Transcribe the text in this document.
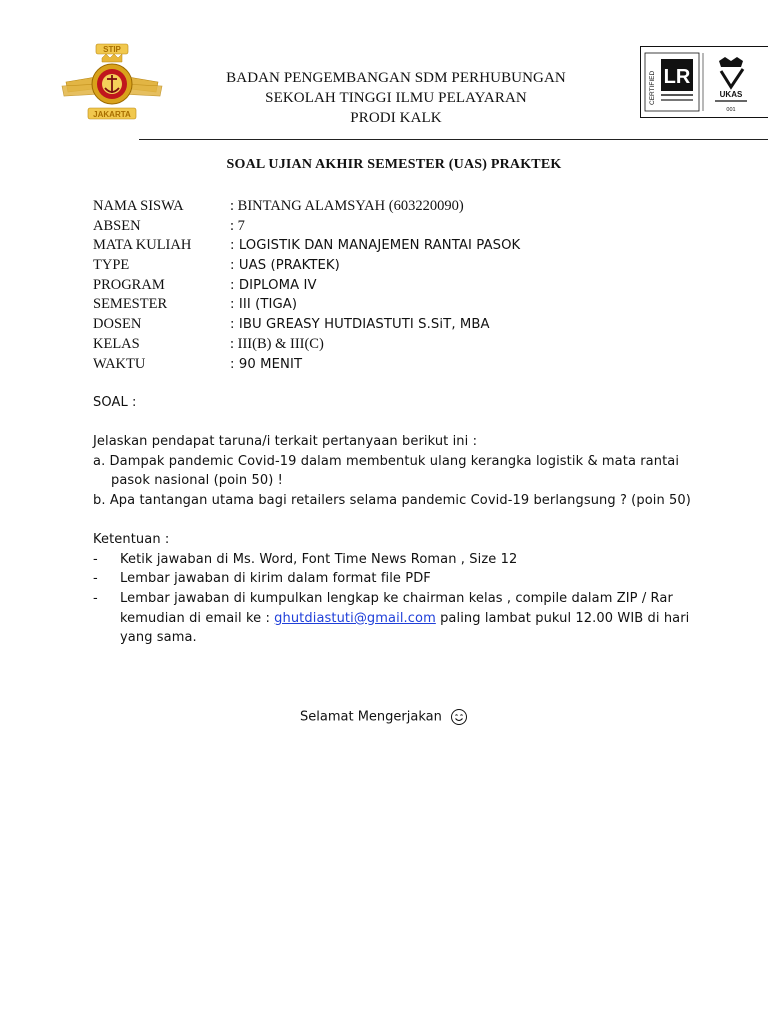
STIP
JAKARTA
BADAN PENGEMBANGAN SDM PERHUBUNGAN
SEKOLAH TINGGI ILMU PELAYARAN
PRODI KALK
CERTIFIED LR
UKAS
001
SOAL UJIAN AKHIR SEMESTER (UAS) PRAKTEK
NAMA SISWA	: BINTANG ALAMSYAH (603220090)
ABSEN	: 7
MATA KULIAH	: LOGISTIK DAN MANAJEMEN RANTAI PASOK
TYPE	: UAS (PRAKTEK)
PROGRAM	: DIPLOMA IV
SEMESTER	: III (TIGA)
DOSEN	: IBU GREASY HUTDIASTUTI S.SiT, MBA
KELAS	: III(B) & III(C)
WAKTU	: 90 MENIT
SOAL :
Jelaskan pendapat taruna/i terkait pertanyaan berikut ini :
a. Dampak pandemic Covid-19 dalam membentuk ulang kerangka logistik & mata rantai
pasok nasional (poin 50) !
b. Apa tantangan utama bagi retailers selama pandemic Covid-19 berlangsung ? (poin 50)
Ketentuan :
- Ketik jawaban di Ms. Word, Font Time News Roman , Size 12
- Lembar jawaban di kirim dalam format file PDF
- Lembar jawaban di kumpulkan lengkap ke chairman kelas , compile dalam ZIP / Rar
kemudian di email ke : ghutdiastuti@gmail.com paling lambat pukul 12.00 WIB di hari
yang sama.
Selamat Mengerjakan
